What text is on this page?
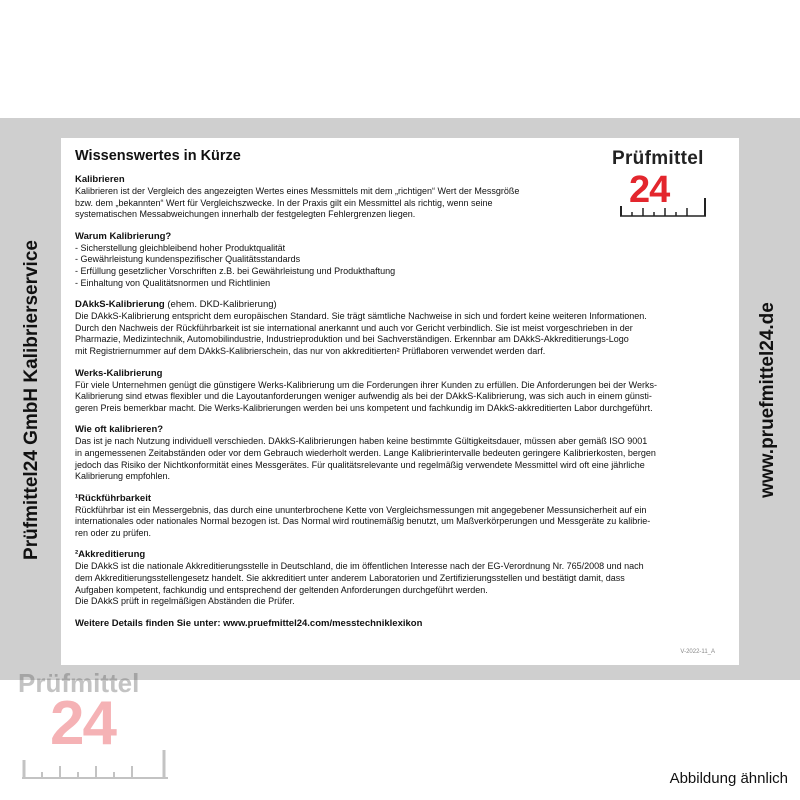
Prüfmittel24 GmbH Kalibrierservice	www.pruefmittel24.de
Prüfmittel
24
Wissenswertes in Kürze
Kalibrieren

Kalibrieren ist der Vergleich des angezeigten Wertes eines Messmittels mit dem „richtigen“ Wert der Messgröße

bzw. dem „bekannten“ Wert für Vergleichszwecke. In der Praxis gilt ein Messmittel als richtig, wenn seine

systematischen Messabweichungen innerhalb der festgelegten Fehlergrenzen liegen.

Warum Kalibrierung?

- Sicherstellung gleichbleibend hoher Produktqualität

- Gewährleistung kundenspezifischer Qualitätsstandards

- Erfüllung gesetzlicher Vorschriften z.B. bei Gewährleistung und Produkthaftung

- Einhaltung von Qualitätsnormen und Richtlinien

DAkkS-Kalibrierung (ehem. DKD-Kalibrierung)

Die DAkkS-Kalibrierung entspricht dem europäischen Standard. Sie trägt sämtliche Nachweise in sich und fordert keine weiteren Informationen.

Durch den Nachweis der Rückführbarkeit ist sie international anerkannt und auch vor Gericht verbindlich. Sie ist meist vorgeschrieben in der

Pharmazie, Medizintechnik, Automobilindustrie, Industrieproduktion und bei Sachverständigen. Erkennbar am DAkkS-Akkreditierungs-Logo

mit Registriernummer auf dem DAkkS-Kalibrierschein, das nur von akkreditierten² Prüflaboren verwendet werden darf.

Werks-Kalibrierung

Für viele Unternehmen genügt die günstigere Werks-Kalibrierung um die Forderungen ihrer Kunden zu erfüllen. Die Anforderungen bei der Werks-

Kalibrierung sind etwas flexibler und die Layoutanforderungen weniger aufwendig als bei der DAkkS-Kalibrierung, was sich auch in einem günsti-

geren Preis bemerkbar macht. Die Werks-Kalibrierungen werden bei uns kompetent und fachkundig im DAkkS-akkreditierten Labor durchgeführt.

Wie oft kalibrieren?

Das ist je nach Nutzung individuell verschieden. DAkkS-Kalibrierungen haben keine bestimmte Gültigkeitsdauer, müssen aber gemäß ISO 9001

in angemessenen Zeitabständen oder vor dem Gebrauch wiederholt werden. Lange Kalibrierintervalle bedeuten geringere Kalibrierkosten, bergen

jedoch das Risiko der Nichtkonformität eines Messgerätes. Für qualitätsrelevante und regelmäßig verwendete Messmittel wird oft eine jährliche

Kalibrierung empfohlen.

¹Rückführbarkeit

Rückführbar ist ein Messergebnis, das durch eine ununterbrochene Kette von Vergleichsmessungen mit angegebener Messunsicherheit auf ein

internationales oder nationales Normal bezogen ist. Das Normal wird routinemäßig benutzt, um Maßverkörperungen und Messgeräte zu kalibrie-

ren oder zu prüfen.

²Akkreditierung

Die DAkkS ist die nationale Akkreditierungsstelle in Deutschland, die im öffentlichen Interesse nach der EG-Verordnung Nr. 765/2008 und nach

dem Akkreditierungsstellengesetz handelt. Sie akkreditiert unter anderem Laboratorien und Zertifizierungsstellen und bestätigt damit, dass

Aufgaben kompetent, fachkundig und entsprechend der geltenden Anforderungen durchgeführt werden.

Die DAkkS prüft in regelmäßigen Abständen die Prüfer.

Weitere Details finden Sie unter: www.pruefmittel24.com/messtechniklexikon
V-2022-11_A
Prüfmittel
24
Abbildung ähnlich
